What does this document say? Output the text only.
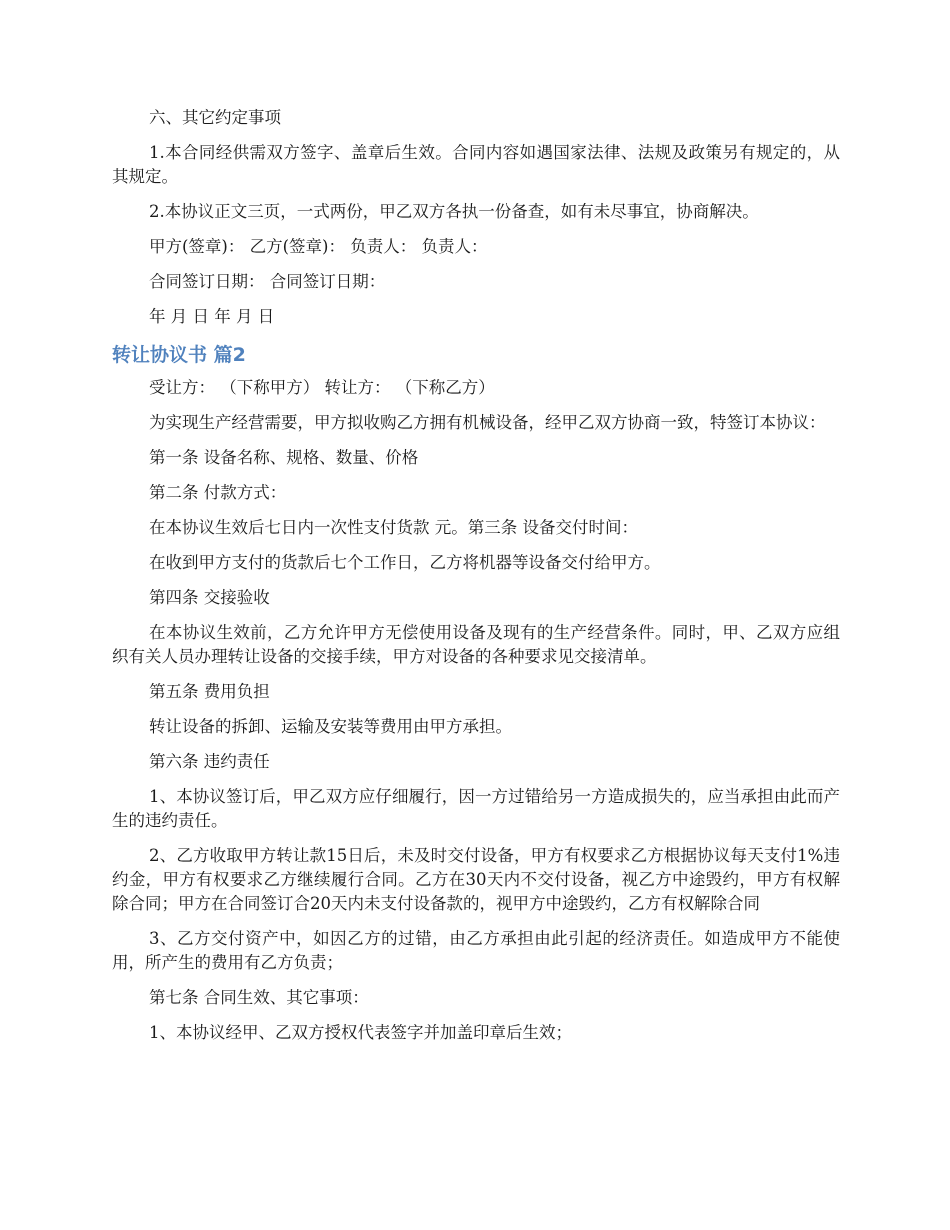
六、其它约定事项

1.本合同经供需双方签字、盖章后生效。合同内容如遇国家法律、法规及政策另有规定的，从其规定。

2.本协议正文三页，一式两份，甲乙双方各执一份备查，如有未尽事宜，协商解决。

甲方(签章)： 乙方(签章)： 负责人： 负责人：

合同签订日期： 合同签订日期：

年 月 日 年 月 日

转让协议书 篇2

受让方： （下称甲方） 转让方： （下称乙方）

为实现生产经营需要，甲方拟收购乙方拥有机械设备，经甲乙双方协商一致，特签订本协议：

第一条 设备名称、规格、数量、价格

第二条 付款方式：

在本协议生效后七日内一次性支付货款 元。第三条 设备交付时间：

在收到甲方支付的货款后七个工作日，乙方将机器等设备交付给甲方。

第四条 交接验收

在本协议生效前，乙方允许甲方无偿使用设备及现有的生产经营条件。同时，甲、乙双方应组织有关人员办理转让设备的交接手续，甲方对设备的各种要求见交接清单。

第五条 费用负担

转让设备的拆卸、运输及安装等费用由甲方承担。

第六条 违约责任

1、本协议签订后，甲乙双方应仔细履行，因一方过错给另一方造成损失的，应当承担由此而产生的违约责任。

2、乙方收取甲方转让款15日后，未及时交付设备，甲方有权要求乙方根据协议每天支付1%违约金，甲方有权要求乙方继续履行合同。乙方在30天内不交付设备，视乙方中途毁约，甲方有权解除合同；甲方在合同签订合20天内未支付设备款的，视甲方中途毁约，乙方有权解除合同

3、乙方交付资产中，如因乙方的过错，由乙方承担由此引起的经济责任。如造成甲方不能使用，所产生的费用有乙方负责；

第七条 合同生效、其它事项：

1、本协议经甲、乙双方授权代表签字并加盖印章后生效；
